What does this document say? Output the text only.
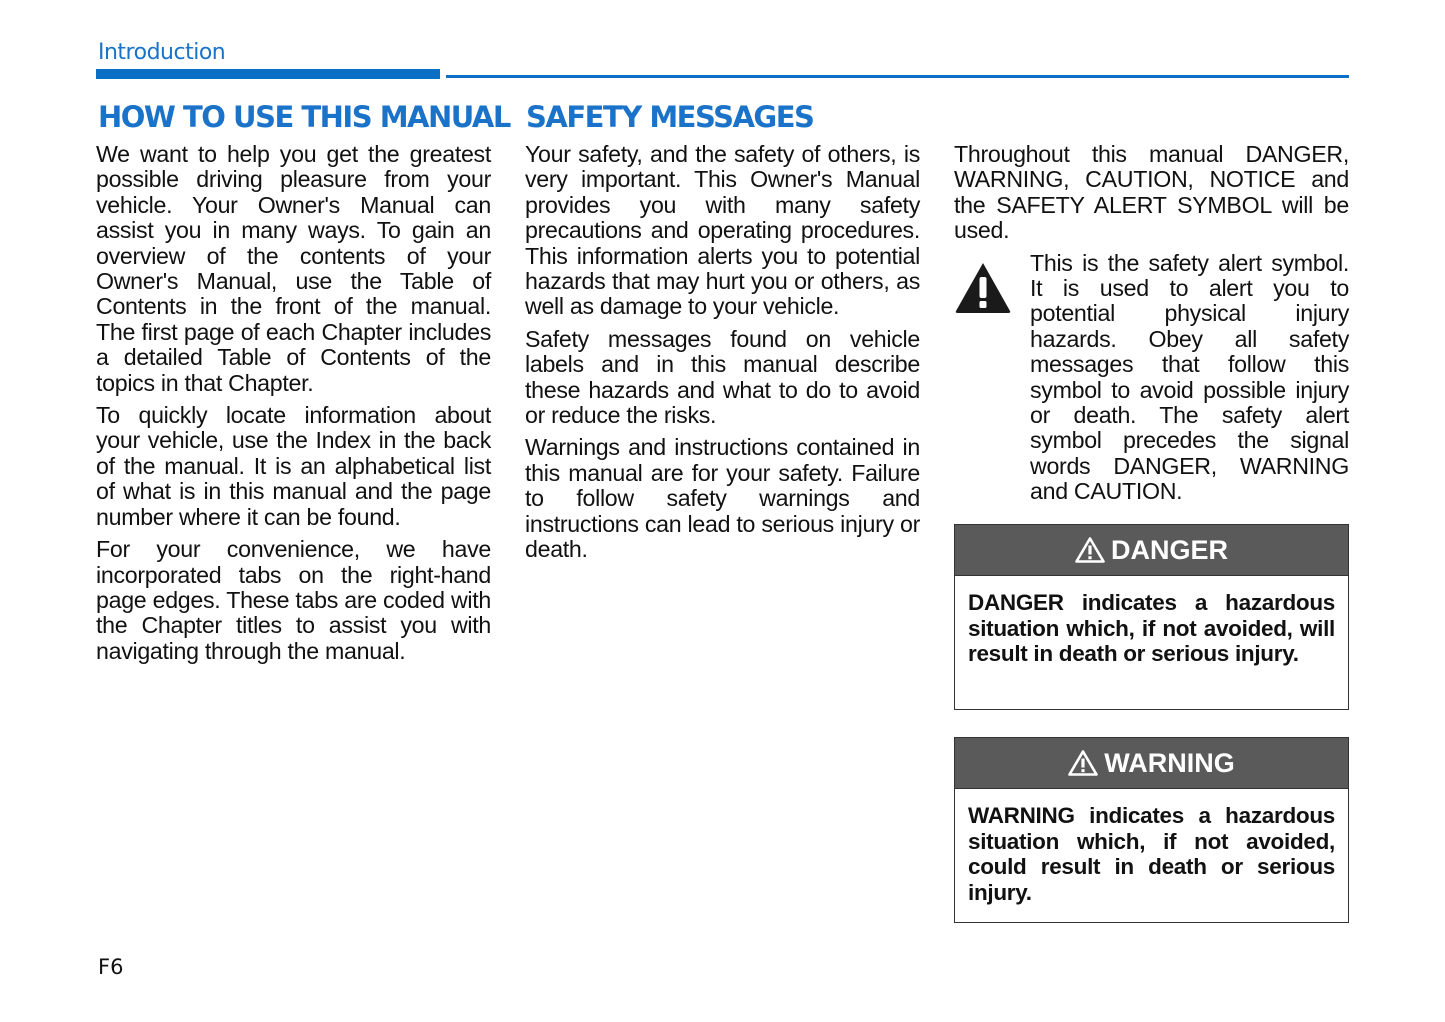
Introduction
HOW TO USE THIS MANUAL SAFETY MESSAGES

We want to help you get the greatest possible driving pleasure from your vehicle. Your Owner's Manual can assist you in many ways. To gain an overview of the contents of your Owner's Manual, use the Table of Contents in the front of the manual. The first page of each Chapter includes a detailed Table of Contents of the topics in that Chapter.

To quickly locate information about your vehicle, use the Index in the back of the manual. It is an alphabetical list of what is in this manual and the page number where it can be found.

For your convenience, we have incorporated tabs on the right-hand page edges. These tabs are coded with the Chapter titles to assist you with navigating through the manual.

Your safety, and the safety of others, is very important. This Owner's Manual provides you with many safety precautions and operating procedures. This information alerts you to potential hazards that may hurt you or others, as well as damage to your vehicle.

Safety messages found on vehicle labels and in this manual describe these hazards and what to do to avoid or reduce the risks.

Warnings and instructions contained in this manual are for your safety. Failure to follow safety warnings and instructions can lead to serious injury or death.

Throughout this manual DANGER, WARNING, CAUTION, NOTICE and the SAFETY ALERT SYMBOL will be used.

This is the safety alert symbol. It is used to alert you to potential physical injury hazards. Obey all safety messages that follow this symbol to avoid possible injury or death. The safety alert symbol precedes the signal words DANGER, WARNING and CAUTION.
DANGER
DANGER indicates a hazardous situation which, if not avoided, will result in death or serious injury.
WARNING
WARNING indicates a hazardous situation which, if not avoided, could result in death or serious injury.
F6
